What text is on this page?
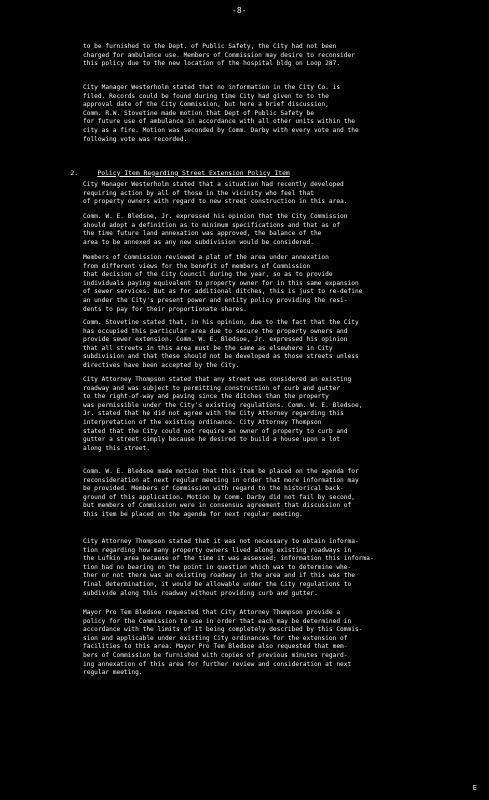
-8-
to be furnished to the Dept. of Public Safety, the City had not been
charged for ambulance use. Members of Commission may desire to reconsider
this policy due to the new location of the hospital bldg on Loop 287.
City Manager Westerholm stated that no information in the City Co. is
filed. Records could be found during time City had given to to the
approval date of the City Commission, but here a brief discussion,
Comm. R.W. Stovetine made motion that Dept of Public Safety be
for future use of ambulance in accordance with all other units within the
city as a fire. Motion was seconded by Comm. Darby with every vote and the
following vote was recorded.

2.	Policy Item Regarding Street Extension Policy Item

City Manager Westerholm stated that a situation had recently developed
requiring action by all of those in the vicinity who feel that
of property owners with regard to new street construction in this area.
Comm. W. E. Bledsoe, Jr. expressed his opinion that the City Commission
should adopt a definition as to minimum specifications and that as of
the time future land annexation was approved, the balance of the
area to be annexed as any new subdivision would be considered.
Members of Commission reviewed a plat of the area under annexation
from different views for the benefit of members of Commission
that decision of the City Council during the year, so as to provide
individuals paying equivalent to property owner for in this same expansion
of sewer services. But as for additional ditches, this is just to re-define
an under the City's present power and entity policy providing the resi-
dents to pay for their proportionate shares.
Comm. Stovetine stated that, in his opinion, due to the fact that the City
has occupied this particular area due to secure the property owners and
provide sewer extension. Comm. W. E. Bledsoe, Jr. expressed his opinion
that all streets in this area must be the same as elsewhere in City
subdivision and that these should not be developed as those streets unless
directives have been accepted by the City.
City Attorney Thompson stated that any street was considered an existing
roadway and was subject to permitting construction of curb and gutter
to the right-of-way and paving since the ditches than the property
was permissible under the City's existing regulations. Comm. W. E. Bledsoe,
Jr. stated that he did not agree with the City Attorney regarding this
interpretation of the existing ordinance. City Attorney Thompson
stated that the City could not require an owner of property to curb and
gutter a street simply because he desired to build a house upon a lot
along this street.
Comm. W. E. Bledsoe made motion that this item be placed on the agenda for
reconsideration at next regular meeting in order that more information may
be provided. Members of Commission with regard to the historical back-
ground of this application. Motion by Comm. Darby did not fail by second,
but members of Commission were in consensus agreement that discussion of
this item be placed on the agenda for next regular meeting.
City Attorney Thompson stated that it was not necessary to obtain informa-
tion regarding how many property owners lived along existing roadways in
the Lufkin area because of the time it was assessed; information this informa-
tion had no bearing on the point in question which was to determine whe-
ther or not there was an existing roadway in the area and if this was the
final determination, it would be allowable under the City regulations to
subdivide along this roadway without providing curb and gutter.
Mayor Pro Tem Bledsoe requested that City Attorney Thompson provide a
policy for the Commission to use in order that each may be determined in
accordance with the limits of it being completely described by this Commis-
sion and applicable under existing City ordinances for the extension of
facilities to this area. Mayor Pro Tem Bledsoe also requested that mem-
bers of Commission be furnished with copies of previous minutes regard-
ing annexation of this area for further review and consideration at next
regular meeting.
E
